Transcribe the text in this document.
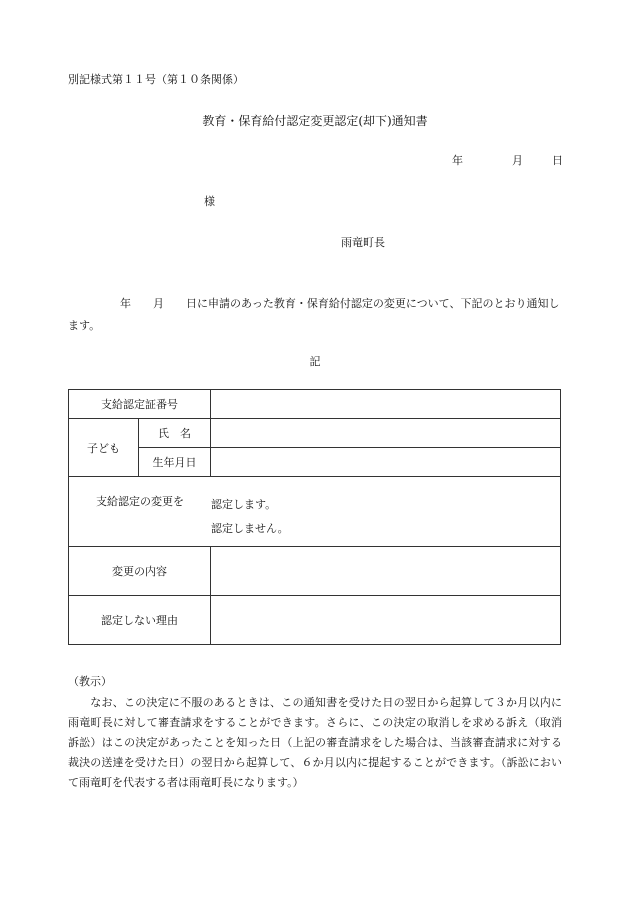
別記様式第１１号（第１０条関係）
教育・保育給付認定変更認定(却下)通知書
年	月	日
様
雨竜町長
年 月 日に申請のあった教育・保育給付認定の変更について、下記のとおり通知します。
記
支給認定証番号		
子ども	氏　名	
	生年月日	

支給認定の変更を 認定します。
認定しません。		

変更の内容		
認定しない理由		
（教示）
なお、この決定に不服のあるときは、この通知書を受けた日の翌日から起算して３か月以内に雨竜町長に対して審査請求をすることができます。さらに、この決定の取消しを求める訴え（取消訴訟）はこの決定があったことを知った日（上記の審査請求をした場合は、当該審査請求に対する裁決の送達を受けた日）の翌日から起算して、６か月以内に提起することができます。（訴訟において雨竜町を代表する者は雨竜町長になります。）
